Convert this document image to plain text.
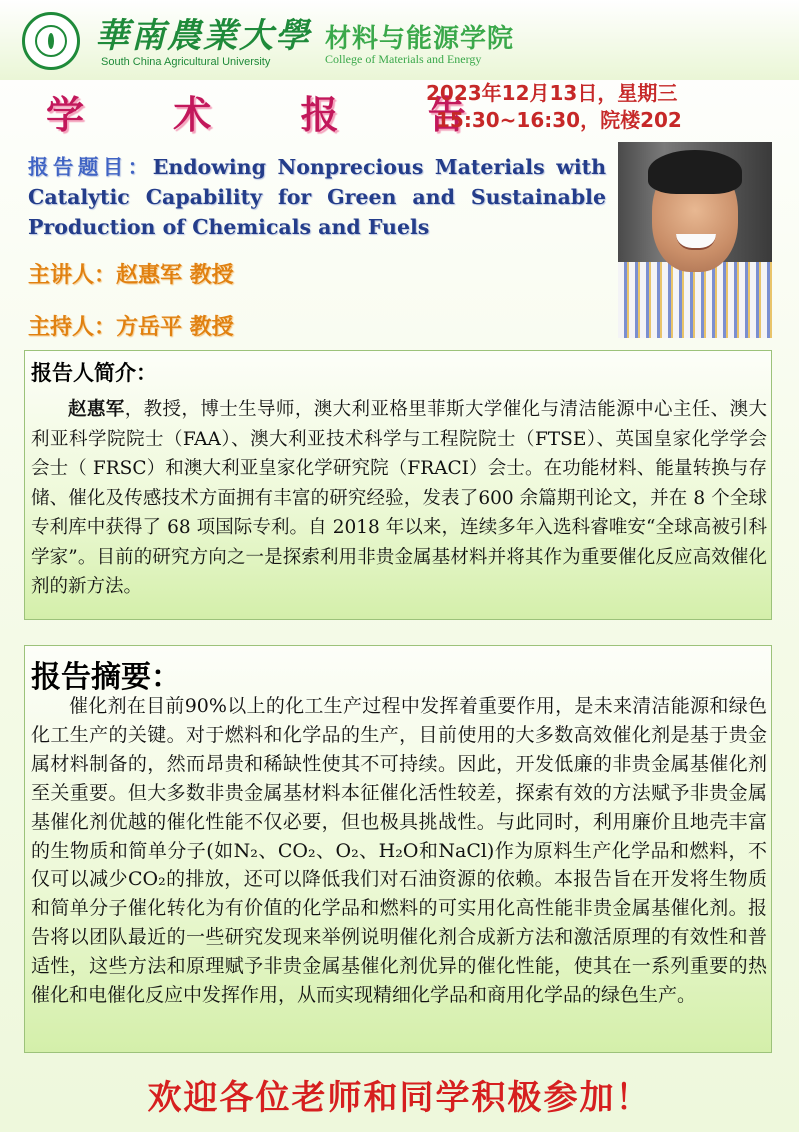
華南農業大學
South China Agricultural University
材料与能源学院
College of Materials and Energy
学 术 报 告
2023年12月13日，星期三
15:30~16:30，院楼202
报告题目：Endowing Nonprecious Materials with Catalytic Capability for Green and Sustainable Production of Chemicals and Fuels
主讲人：赵惠军 教授
主持人：方岳平 教授
报告人简介：
赵惠军，教授，博士生导师，澳大利亚格里菲斯大学催化与清洁能源中心主任、澳大利亚科学院院士（FAA）、澳大利亚技术科学与工程院院士（FTSE）、英国皇家化学学会会士（ FRSC）和澳大利亚皇家化学研究院（FRACI）会士。在功能材料、能量转换与存储、催化及传感技术方面拥有丰富的研究经验，发表了600 余篇期刊论文，并在 8 个全球专利库中获得了 68 项国际专利。自 2018 年以来，连续多年入选科睿唯安“全球高被引科学家”。目前的研究方向之一是探索利用非贵金属基材料并将其作为重要催化反应高效催化剂的新方法。
报告摘要：
催化剂在目前90%以上的化工生产过程中发挥着重要作用，是未来清洁能源和绿色化工生产的关键。对于燃料和化学品的生产，目前使用的大多数高效催化剂是基于贵金属材料制备的，然而昂贵和稀缺性使其不可持续。因此，开发低廉的非贵金属基催化剂至关重要。但大多数非贵金属基材料本征催化活性较差，探索有效的方法赋予非贵金属基催化剂优越的催化性能不仅必要，但也极具挑战性。与此同时，利用廉价且地壳丰富的生物质和简单分子(如N₂、CO₂、O₂、H₂O和NaCl)作为原料生产化学品和燃料，不仅可以减少CO₂的排放，还可以降低我们对石油资源的依赖。本报告旨在开发将生物质和简单分子催化转化为有价值的化学品和燃料的可实用化高性能非贵金属基催化剂。报告将以团队最近的一些研究发现来举例说明催化剂合成新方法和激活原理的有效性和普适性，这些方法和原理赋予非贵金属基催化剂优异的催化性能，使其在一系列重要的热催化和电催化反应中发挥作用，从而实现精细化学品和商用化学品的绿色生产。
欢迎各位老师和同学积极参加！
